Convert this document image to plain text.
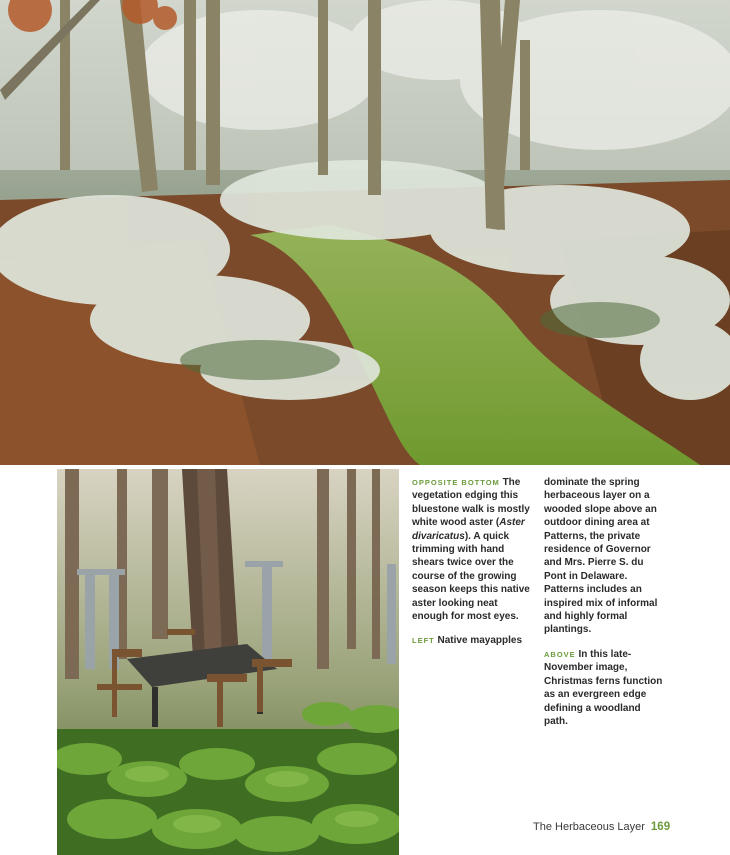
OPPOSITE BOTTOM The vegetation edging this bluestone walk is mostly white wood aster (Aster divaricatus). A quick trimming with hand shears twice over the course of the growing season keeps this native aster looking neat enough for most eyes.

LEFT Native mayapples

dominate the spring herbaceous layer on a wooded slope above an outdoor dining area at Patterns, the private residence of Governor and Mrs. Pierre S. du Pont in Delaware. Patterns includes an inspired mix of informal and highly formal plantings.

ABOVE In this late-November image, Christmas ferns function as an evergreen edge defining a woodland path.

The Herbaceous Layer 169
